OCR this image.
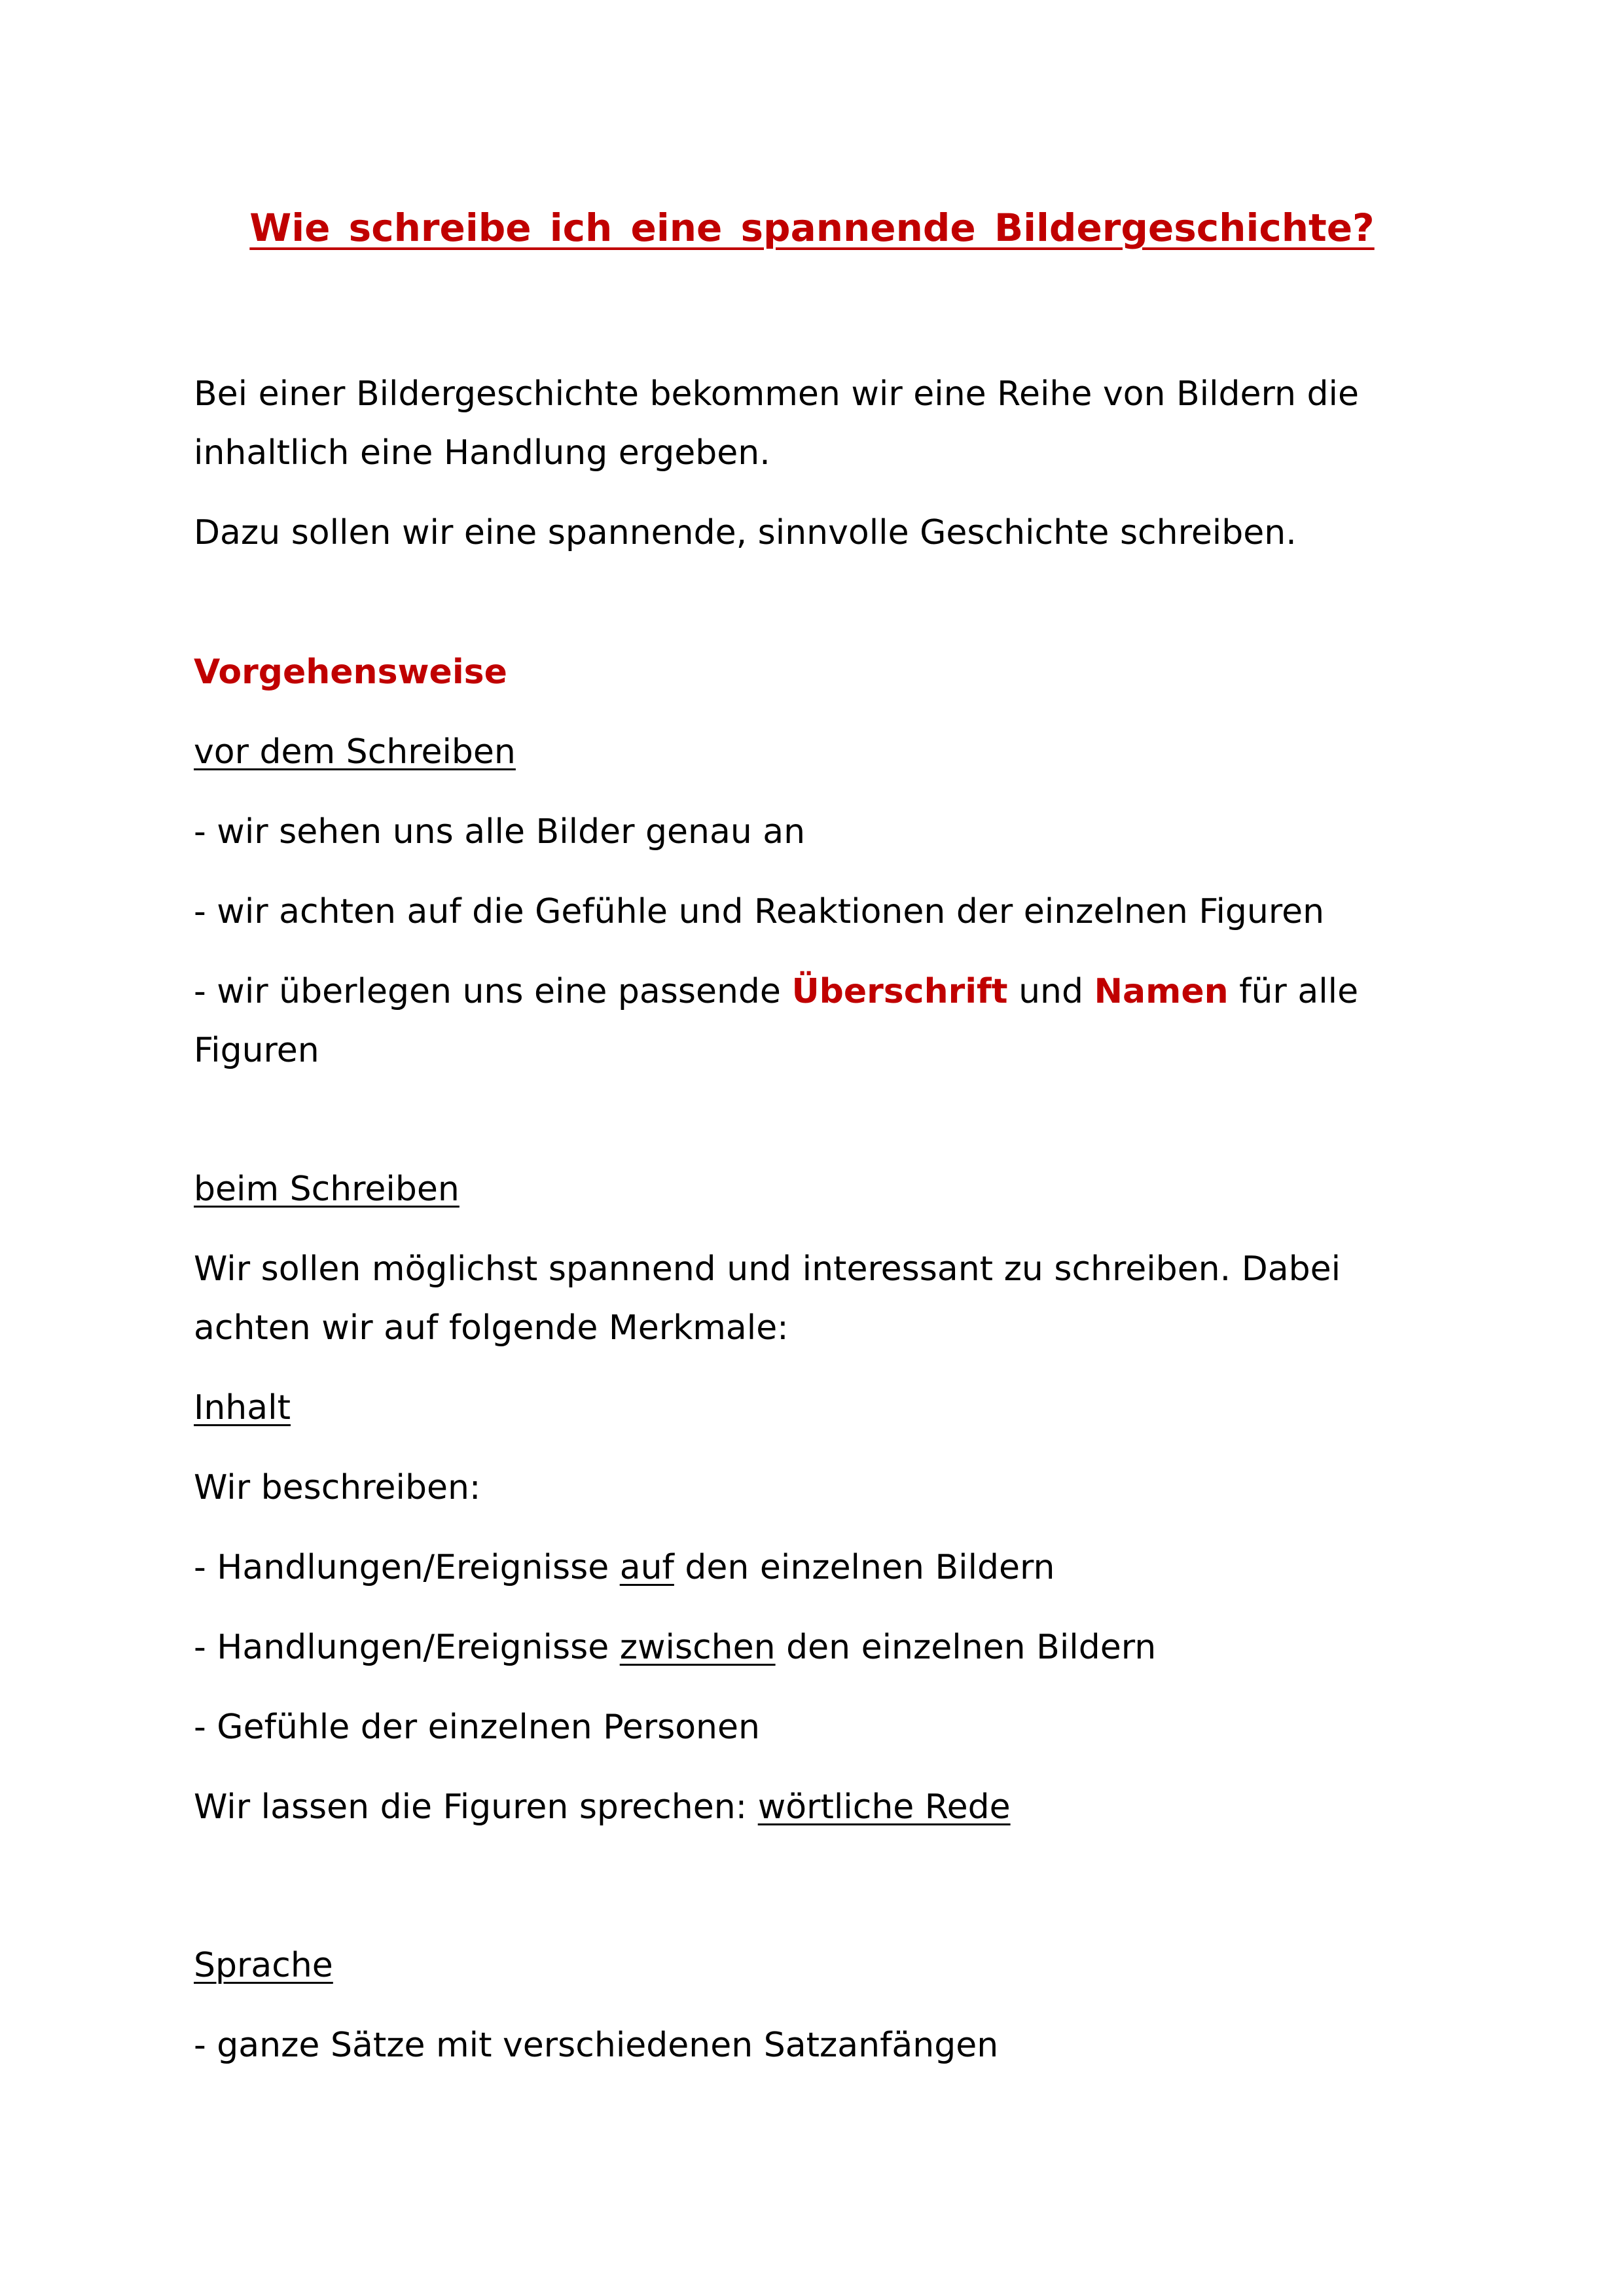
Wie schreibe ich eine spannende Bildergeschichte?

Bei einer Bildergeschichte bekommen wir eine Reihe von Bildern die

inhaltlich eine Handlung ergeben.

Dazu sollen wir eine spannende, sinnvolle Geschichte schreiben.

Vorgehensweise

vor dem Schreiben

- wir sehen uns alle Bilder genau an

- wir achten auf die Gefühle und Reaktionen der einzelnen Figuren

- wir überlegen uns eine passende Überschrift und Namen für alle

Figuren

beim Schreiben

Wir sollen möglichst spannend und interessant zu schreiben. Dabei

achten wir auf folgende Merkmale:

Inhalt

Wir beschreiben:

- Handlungen/Ereignisse auf den einzelnen Bildern

- Handlungen/Ereignisse zwischen den einzelnen Bildern

- Gefühle der einzelnen Personen

Wir lassen die Figuren sprechen: wörtliche Rede

Sprache

- ganze Sätze mit verschiedenen Satzanfängen
